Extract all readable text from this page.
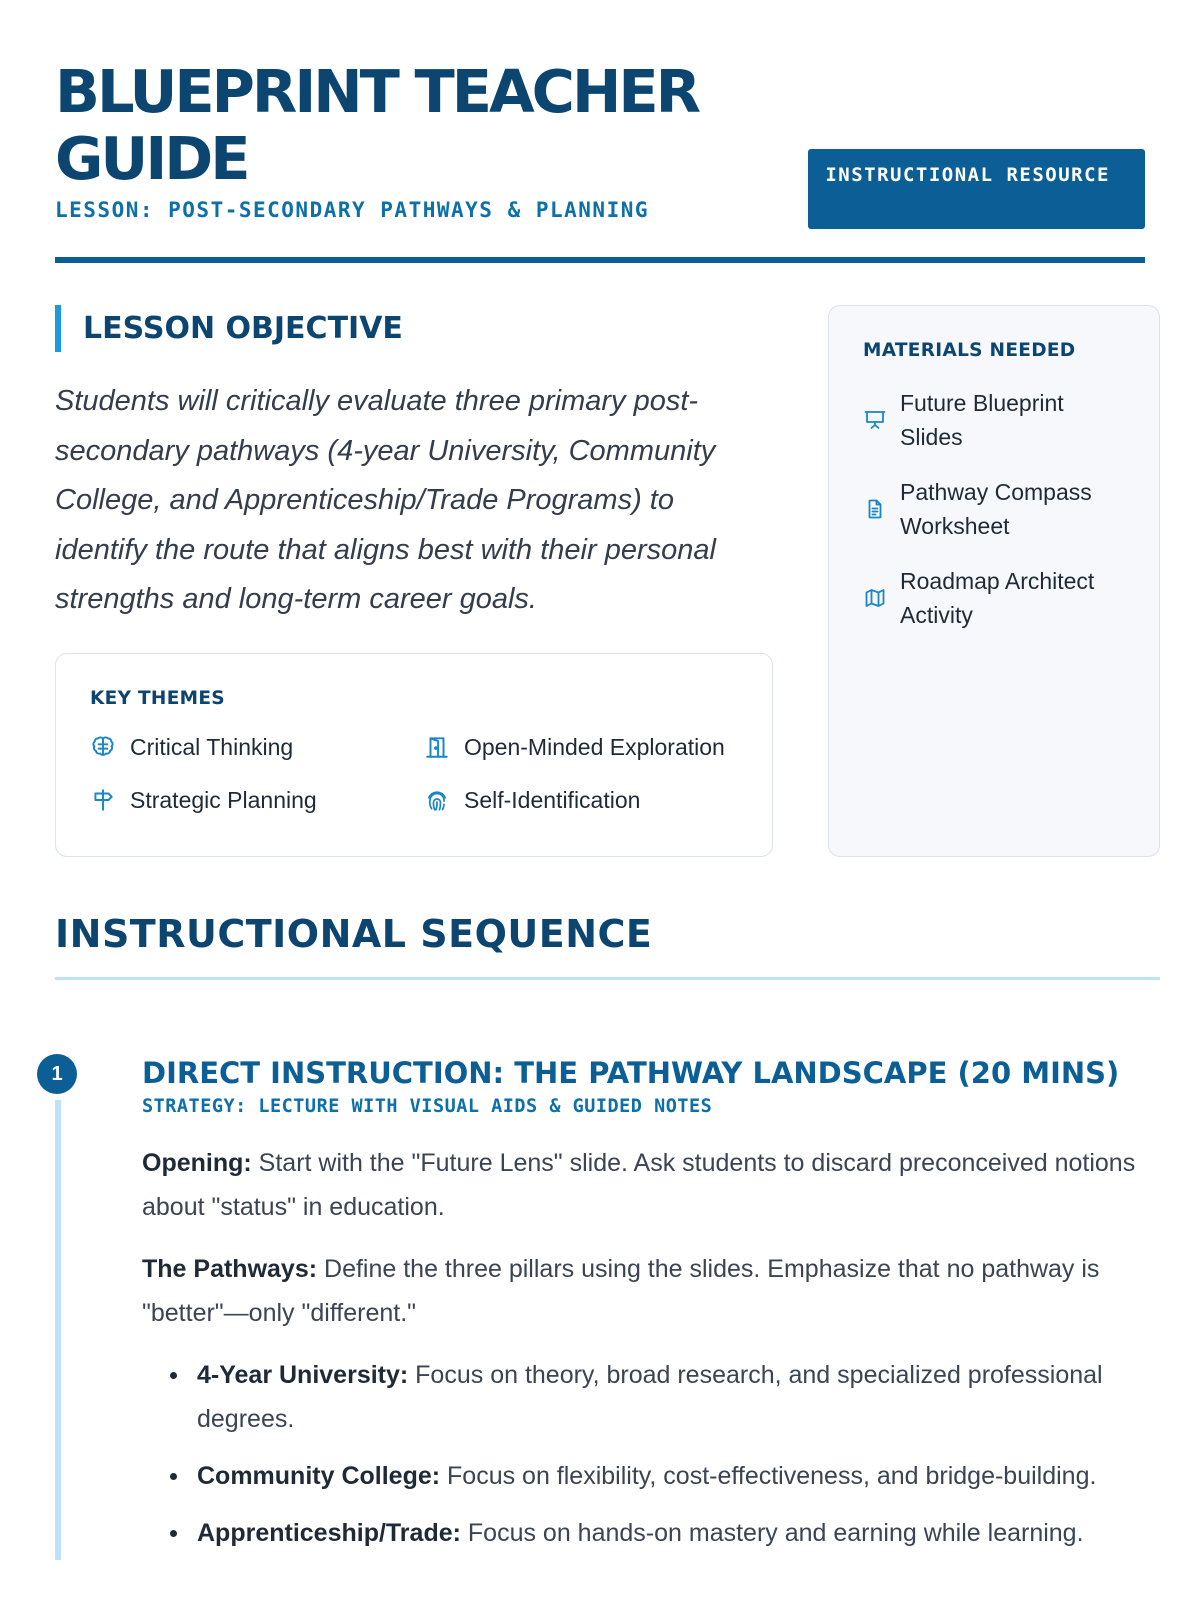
BLUEPRINT TEACHER GUIDE
LESSON: POST-SECONDARY PATHWAYS & PLANNING
INSTRUCTIONAL RESOURCE
LESSON OBJECTIVE

Students will critically evaluate three primary post-secondary pathways (4-year University, Community College, and Apprenticeship/Trade Programs) to identify the route that aligns best with their personal strengths and long-term career goals.

KEY THEMES
Critical Thinking	Open-Minded Exploration
Strategic Planning	Self-Identification
MATERIALS NEEDED
Future Blueprint Slides
Pathway Compass Worksheet
Roadmap Architect Activity
INSTRUCTIONAL SEQUENCE
1	DIRECT INSTRUCTION: THE PATHWAY LANDSCAPE (20 MINS)
STRATEGY: LECTURE WITH VISUAL AIDS & GUIDED NOTES

Opening: Start with the "Future Lens" slide. Ask students to discard preconceived notions about "status" in education.

The Pathways: Define the three pillars using the slides. Emphasize that no pathway is "better"—only "different."

4-Year University: Focus on theory, broad research, and specialized professional degrees.
Community College: Focus on flexibility, cost-effectiveness, and bridge-building.
Apprenticeship/Trade: Focus on hands-on mastery and earning while learning.
